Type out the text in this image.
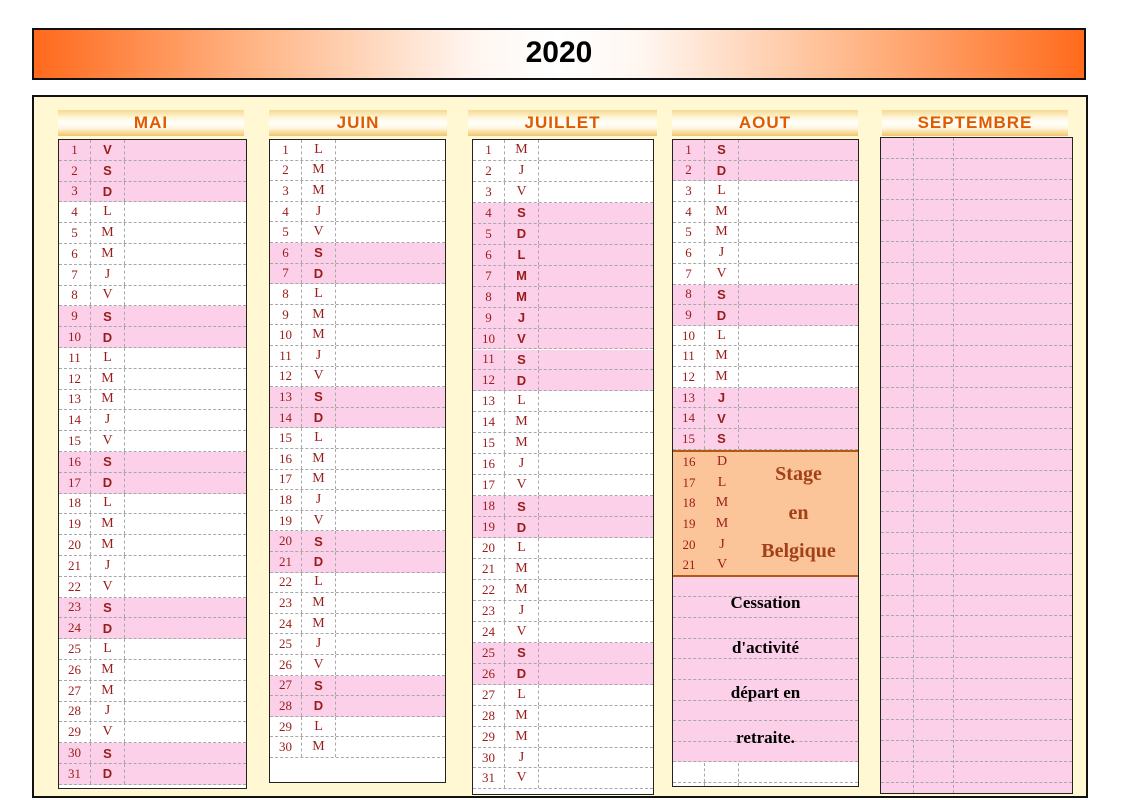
2020
MAI	JUIN	JUILLET	AOUT	SEPTEMBRE
1	V
2	S
3	D
4	L
5	M
6	M
7	J
8	V
9	S
10	D
11	L
12	M
13	M
14	J
15	V
16	S
17	D
18	L
19	M
20	M
21	J
22	V
23	S
24	D
25	L
26	M
27	M
28	J
29	V
30	S
31	D
1	L
2	M
3	M
4	J
5	V
6	S
7	D
8	L
9	M
10	M
11	J
12	V
13	S
14	D
15	L
16	M
17	M
18	J
19	V
20	S
21	D
22	L
23	M
24	M
25	J
26	V
27	S
28	D
29	L
30	M
1	M
2	J
3	V
4	S
5	D
6	L
7	M
8	M
9	J
10	V
11	S
12	D
13	L
14	M
15	M
16	J
17	V
18	S
19	D
20	L
21	M
22	M
23	J
24	V
25	S
26	D
27	L
28	M
29	M
30	J
31	V
1	S
2	D
3	L
4	M
5	M
6	J
7	V
8	S
9	D
10	L
11	M
12	M
13	J
14	V
15	S
16	D
17	L
18	M
19	M
20	J
21	V
Stage
en
Belgique
Cessation
d'activité
départ en
retraite.
